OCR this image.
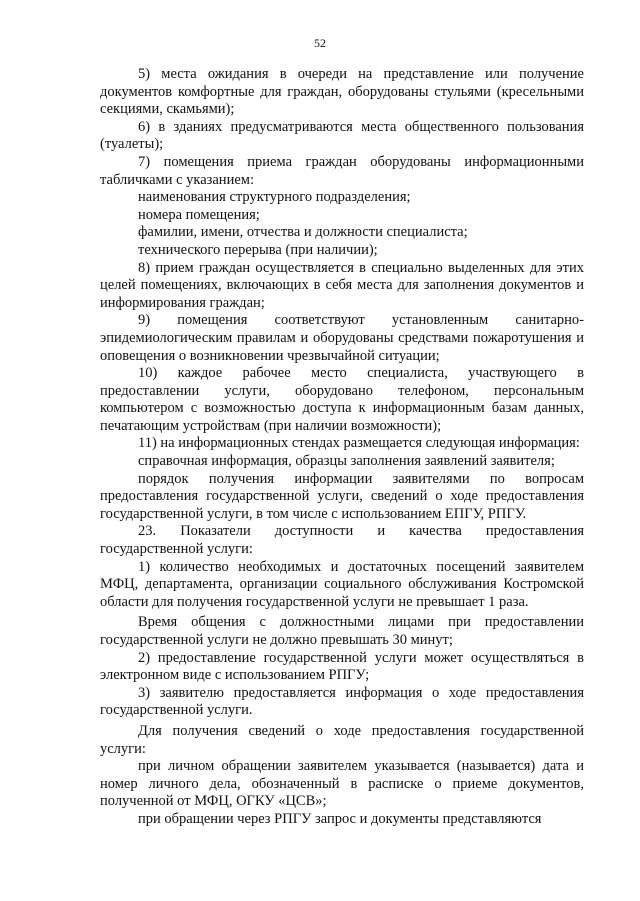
52

5) места ожидания в очереди на представление или получение документов комфортные для граждан, оборудованы стульями (кресельными секциями, скамьями);

6) в зданиях предусматриваются места общественного пользования (туалеты);

7) помещения приема граждан оборудованы информационными табличками с указанием:

наименования структурного подразделения;

номера помещения;

фамилии, имени, отчества и должности специалиста;

технического перерыва (при наличии);

8) прием граждан осуществляется в специально выделенных для этих целей помещениях, включающих в себя места для заполнения документов и информирования граждан;

9) помещения соответствуют установленным санитарно-эпидемиологическим правилам и оборудованы средствами пожаротушения и оповещения о возникновении чрезвычайной ситуации;

10) каждое рабочее место специалиста, участвующего в предоставлении услуги, оборудовано телефоном, персональным компьютером с возможностью доступа к информационным базам данных, печатающим устройствам (при наличии возможности);

11) на информационных стендах размещается следующая информация:

справочная информация, образцы заполнения заявлений заявителя;

порядок получения информации заявителями по вопросам предоставления государственной услуги, сведений о ходе предоставления государственной услуги, в том числе с использованием ЕПГУ, РПГУ.

23. Показатели доступности и качества предоставления государственной услуги:

1) количество необходимых и достаточных посещений заявителем МФЦ, департамента, организации социального обслуживания Костромской области для получения государственной услуги не превышает 1 раза.

Время общения с должностными лицами при предоставлении государственной услуги не должно превышать 30 минут;

2) предоставление государственной услуги может осуществляться в электронном виде с использованием РПГУ;

3) заявителю предоставляется информация о ходе предоставления государственной услуги.

Для получения сведений о ходе предоставления государственной услуги:

при личном обращении заявителем указывается (называется) дата и номер личного дела, обозначенный в расписке о приеме документов, полученной от МФЦ, ОГКУ «ЦСВ»;

при обращении через РПГУ запрос и документы представляются
